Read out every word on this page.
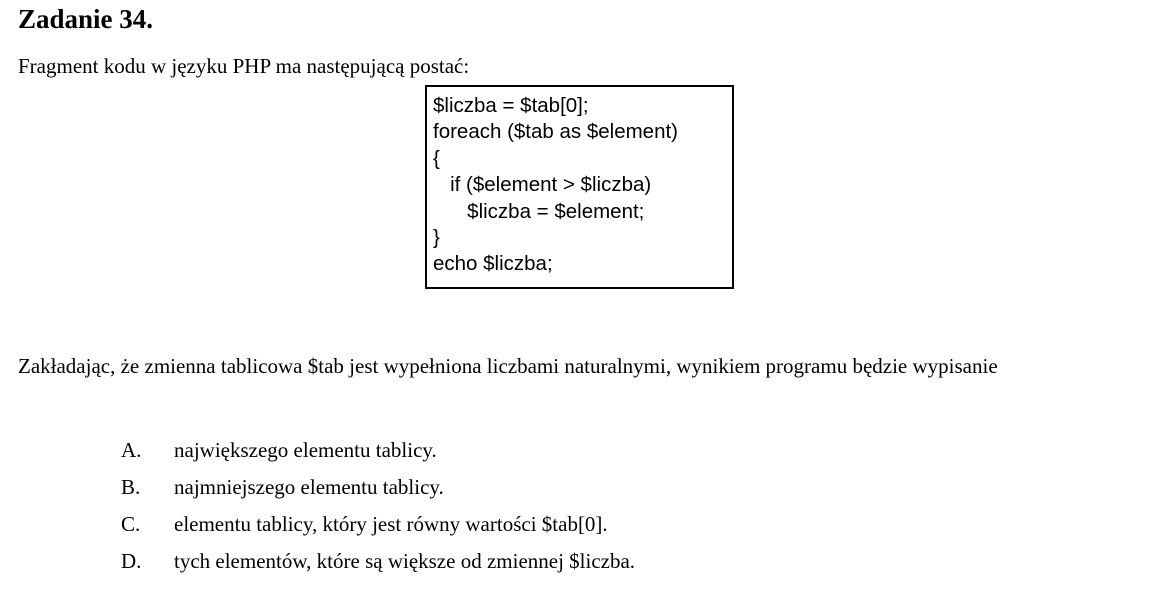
Zadanie 34.
Fragment kodu w języku PHP ma następującą postać:
$liczba = $tab[0];
foreach ($tab as $element)
{
if ($element > $liczba)
$liczba = $element;
}
echo $liczba;
Zakładając, że zmienna tablicowa $tab jest wypełniona liczbami naturalnymi, wynikiem programu będzie wypisanie
A.	największego elementu tablicy.
B.	najmniejszego elementu tablicy.
C.	elementu tablicy, który jest równy wartości $tab[0].
D.	tych elementów, które są większe od zmiennej $liczba.
